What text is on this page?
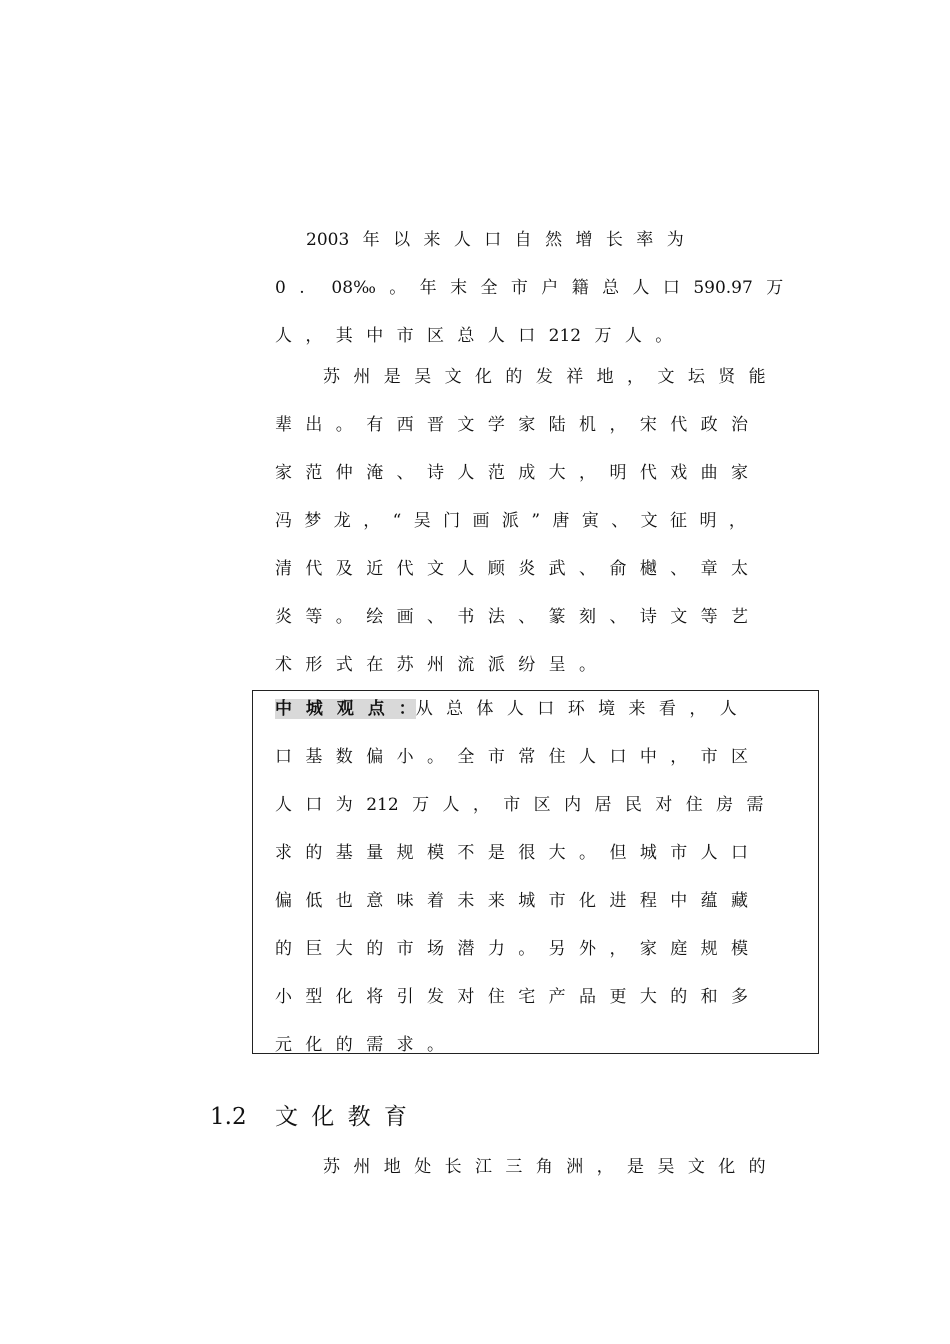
2003 年 以 来 人 口 自 然 增 长 率 为
0 .  08‰ 。 年 末 全 市 户 籍 总 人 口 590.97 万
人 ， 其 中 市 区 总 人 口 212 万 人 。
苏 州 是 吴 文 化 的 发 祥 地 ， 文 坛 贤 能
辈 出 。 有 西 晋 文 学 家 陆 机 ， 宋 代 政 治
家 范 仲 淹 、 诗 人 范 成 大 ， 明 代 戏 曲 家
冯 梦 龙 ， “ 吴 门 画 派 ” 唐 寅 、 文 征 明 ，
清 代 及 近 代 文 人 顾 炎 武 、 俞 樾 、 章 太
炎 等 。 绘 画 、 书 法 、 篆 刻 、 诗 文 等 艺
术 形 式 在 苏 州 流 派 纷 呈 。
中 城 观 点 ：从 总 体 人 口 环 境 来 看 ， 人
口 基 数 偏 小 。 全 市 常 住 人 口 中 ， 市 区
人 口 为 212 万 人 ， 市 区 内 居 民 对 住 房 需
求 的 基 量 规 模 不 是 很 大 。 但 城 市 人 口
偏 低 也 意 味 着 未 来 城 市 化 进 程 中 蕴 藏
的 巨 大 的 市 场 潜 力 。 另 外 ， 家 庭 规 模
小 型 化 将 引 发 对 住 宅 产 品 更 大 的 和 多
元 化 的 需 求 。
1.2 文 化 教 育
苏 州 地 处 长 江 三 角 洲 ， 是 吴 文 化 的
